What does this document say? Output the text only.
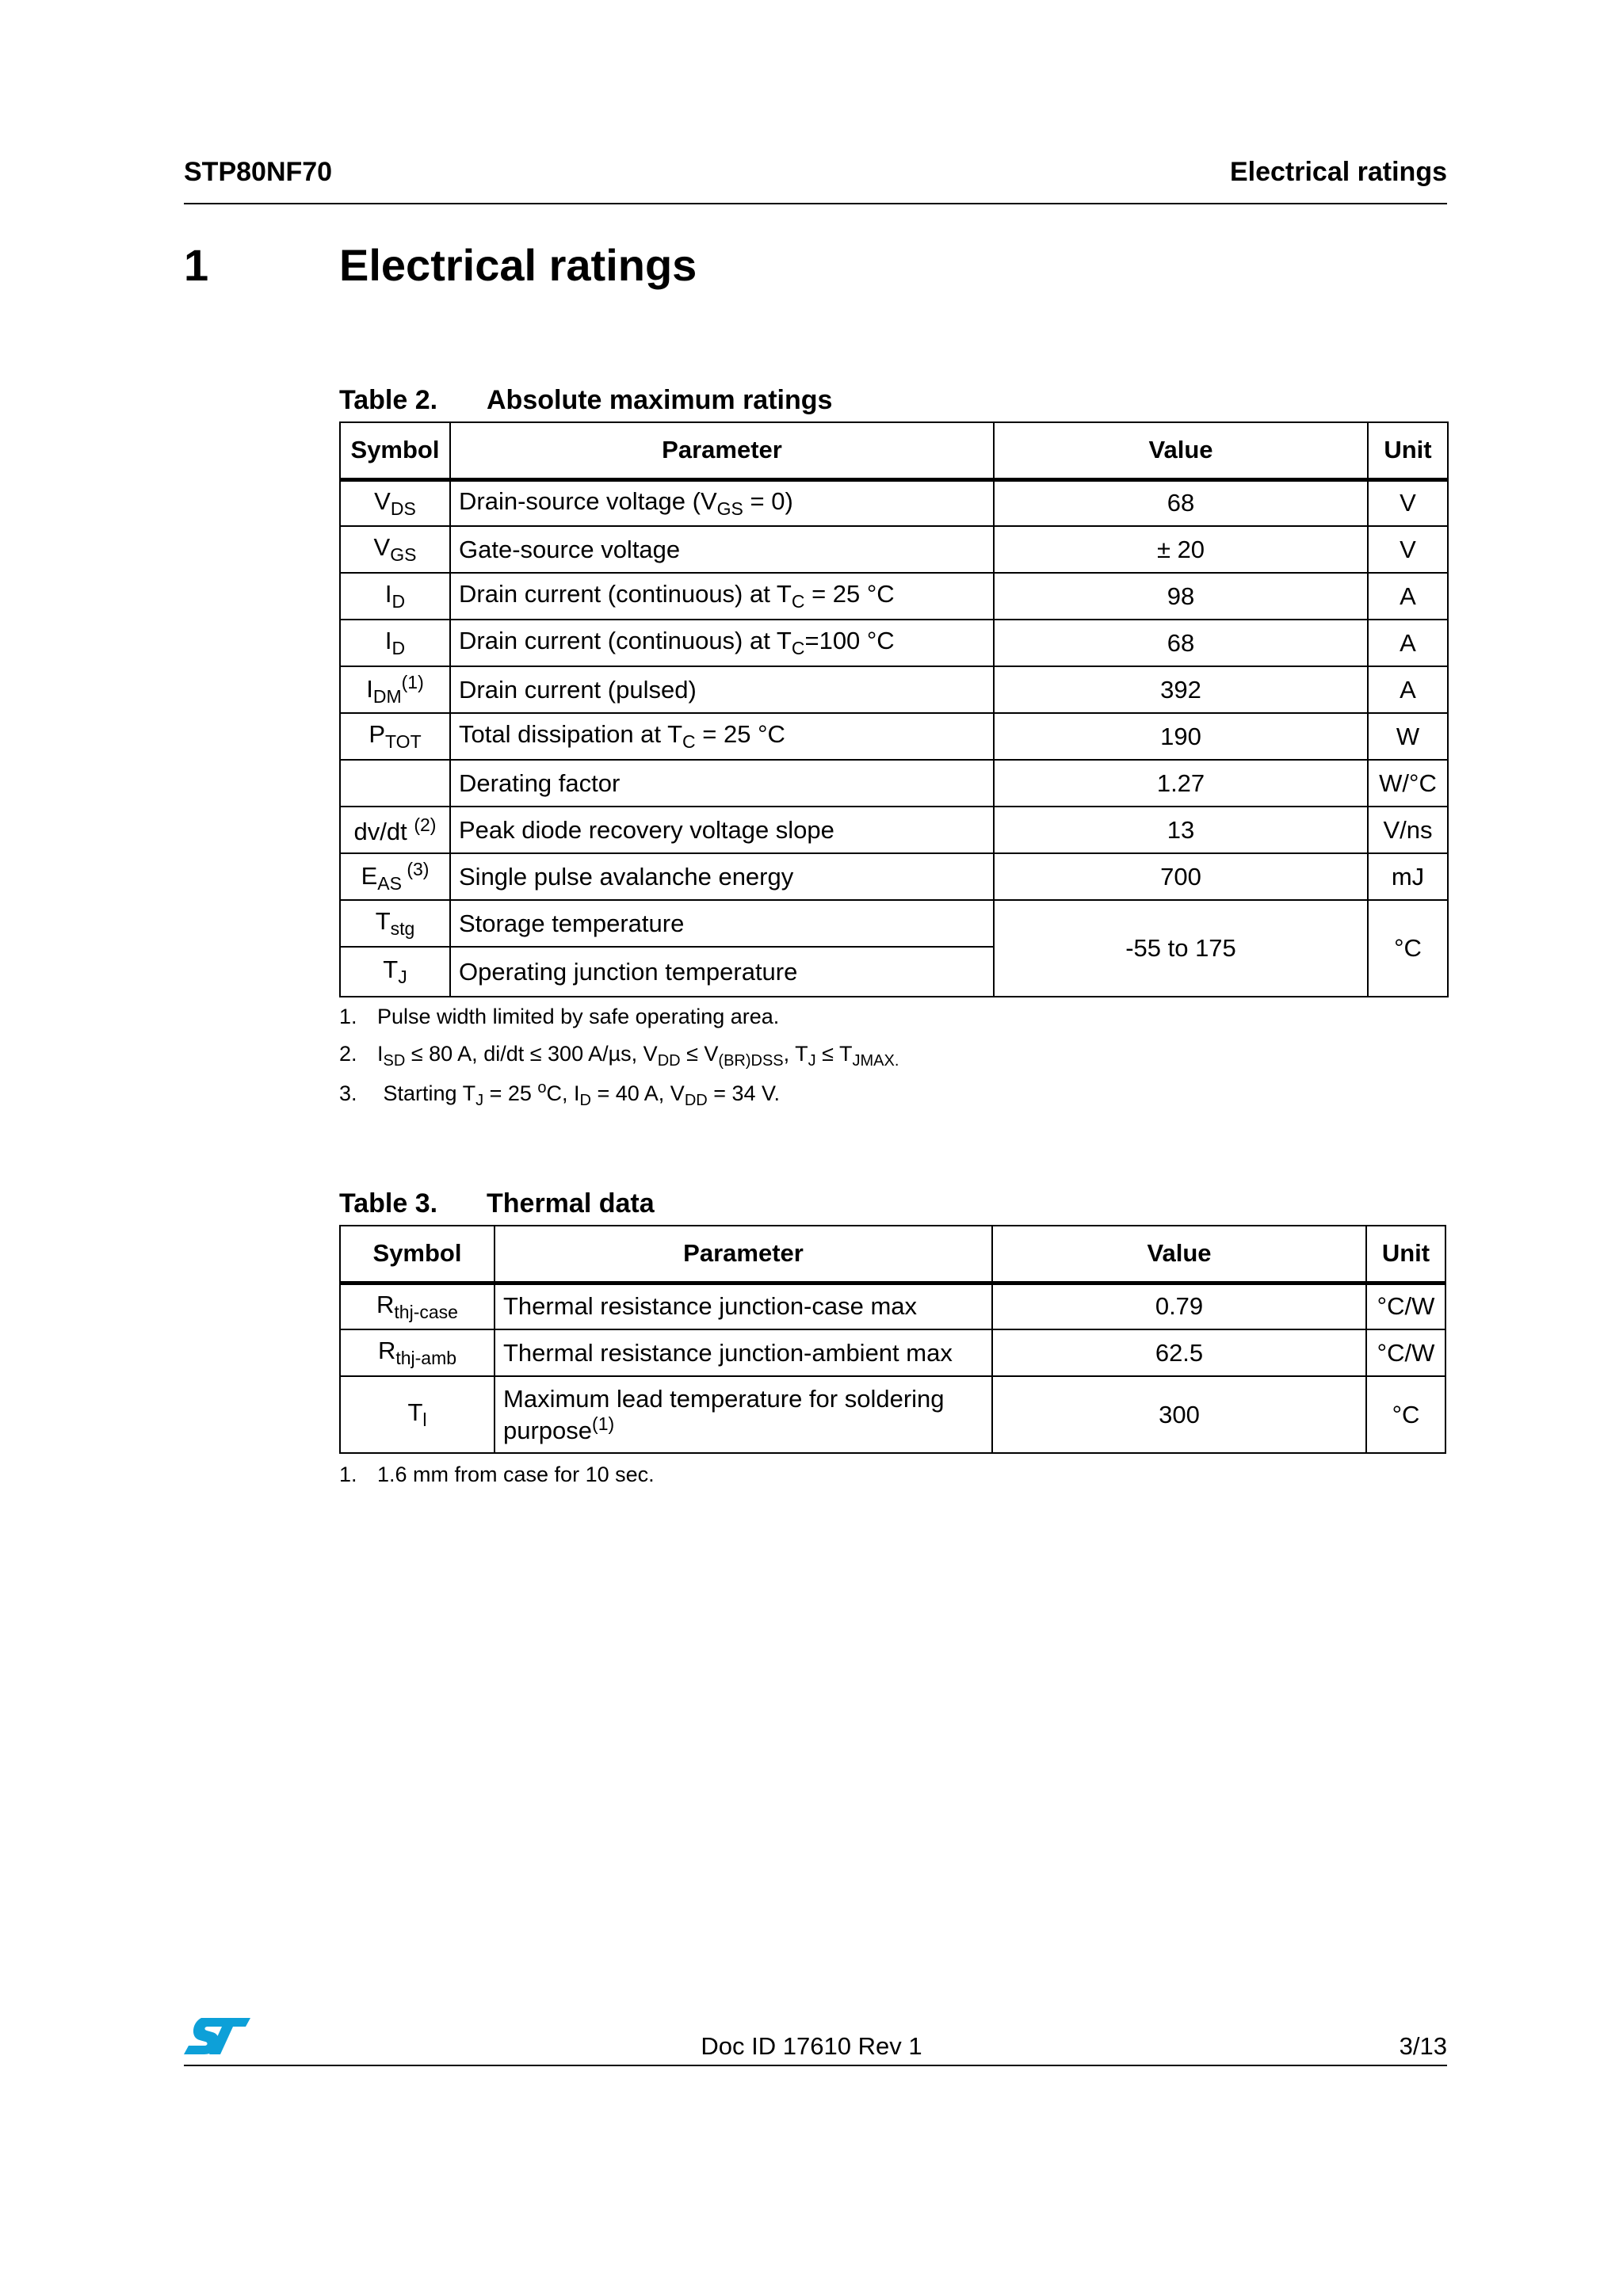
STP80NF70	Electrical ratings
1	Electrical ratings
Table 2. Absolute maximum ratings
Symbol	Parameter	Value	Unit
$V_{DS}$	Drain-source voltage $(V_{GS} = 0)$	68	V
$V_{GS}$	Gate-source voltage	± 20	V
$I_D$	Drain current (continuous) at $T_C = 25$ °C	98	A
$I_D$	Drain current (continuous) at $T_C=100$ °C	68	A
$I_{DM}^{(1)}$	Drain current (pulsed)	392	A
$P_{TOT}$	Total dissipation at $T_C = 25$ °C	190	W
	Derating factor	1.27	W/°C
dv/dt $^{(2)}$	Peak diode recovery voltage slope	13	V/ns
$E_{AS}$ $^{(3)}$	Single pulse avalanche energy	700	mJ
$T_{stg}$	Storage temperature	-55 to 175	°C
$T_J$	Operating junction temperature		
1. Pulse width limited by safe operating area.
2. $I_{SD} \le 80$ A, di/dt ≤ 300 A/µs, $V_{DD} \le V_{(BR)DSS}$, $T_J \le T_{JMAX.}$
3. Starting $T_J = 25$ $^o$C, $I_D = 40$ A, $V_{DD} = 34$ V.
Table 3. Thermal data
Symbol	Parameter	Value	Unit
$R_{thj-case}$	Thermal resistance junction-case max	0.79	°C/W
$R_{thj-amb}$	Thermal resistance junction-ambient max	62.5	°C/W
$T_l$	Maximum lead temperature for soldering purpose$^{(1)}$	300	°C
1. 1.6 mm from case for 10 sec.
Doc ID 17610 Rev 1	3/13
